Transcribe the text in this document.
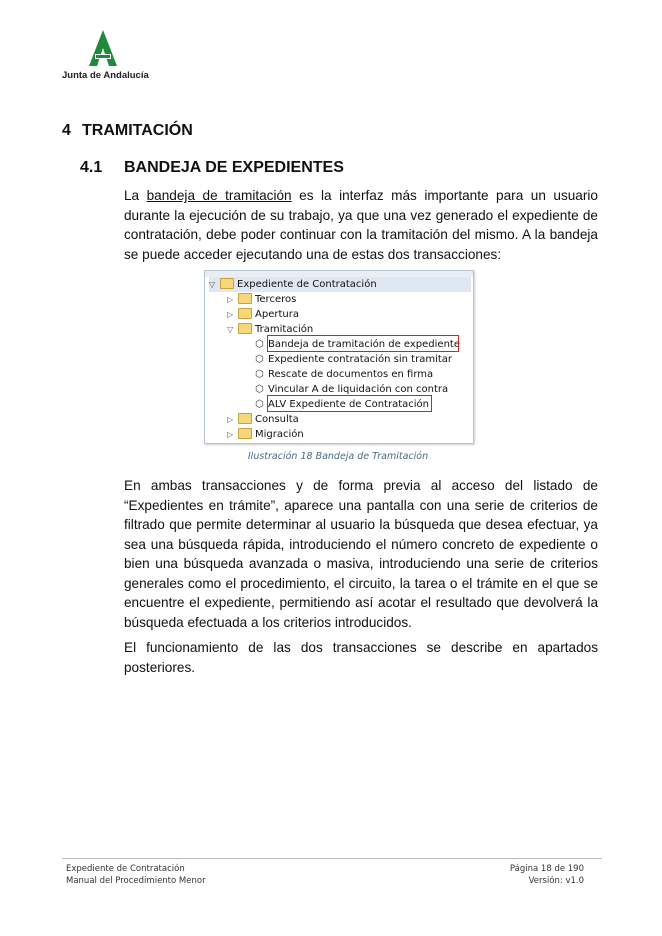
Junta de Andalucía
4 TRAMITACIÓN
4.1 BANDEJA DE EXPEDIENTES
La bandeja de tramitación es la interfaz más importante para un usuario durante la ejecución de su trabajo, ya que una vez generado el expediente de contratación, debe poder continuar con la tramitación del mismo. A la bandeja se puede acceder ejecutando una de estas dos transacciones:
▽ Expediente de Contratación
▷ Terceros
▷ Apertura
▽ Tramitación
⬡ Bandeja de tramitación de expediente
⬡ Expediente contratación sin tramitar
⬡ Rescate de documentos en firma
⬡ Vincular A de liquidación con contra
⬡ ALV Expediente de Contratación
▷ Consulta
▷ Migración
Ilustración 18 Bandeja de Tramitación
En ambas transacciones y de forma previa al acceso del listado de “Expedientes en trámite”, aparece una pantalla con una serie de criterios de filtrado que permite determinar al usuario la búsqueda que desea efectuar, ya sea una búsqueda rápida, introduciendo el número concreto de expediente o bien una búsqueda avanzada o masiva, introduciendo una serie de criterios generales como el procedimiento, el circuito, la tarea o el trámite en el que se encuentre el expediente, permitiendo así acotar el resultado que devolverá la búsqueda efectuada a los criterios introducidos.
El funcionamiento de las dos transacciones se describe en apartados posteriores.
Expediente de Contratación
Manual del Procedimiento Menor
Página 18 de 190
Versión: v1.0
